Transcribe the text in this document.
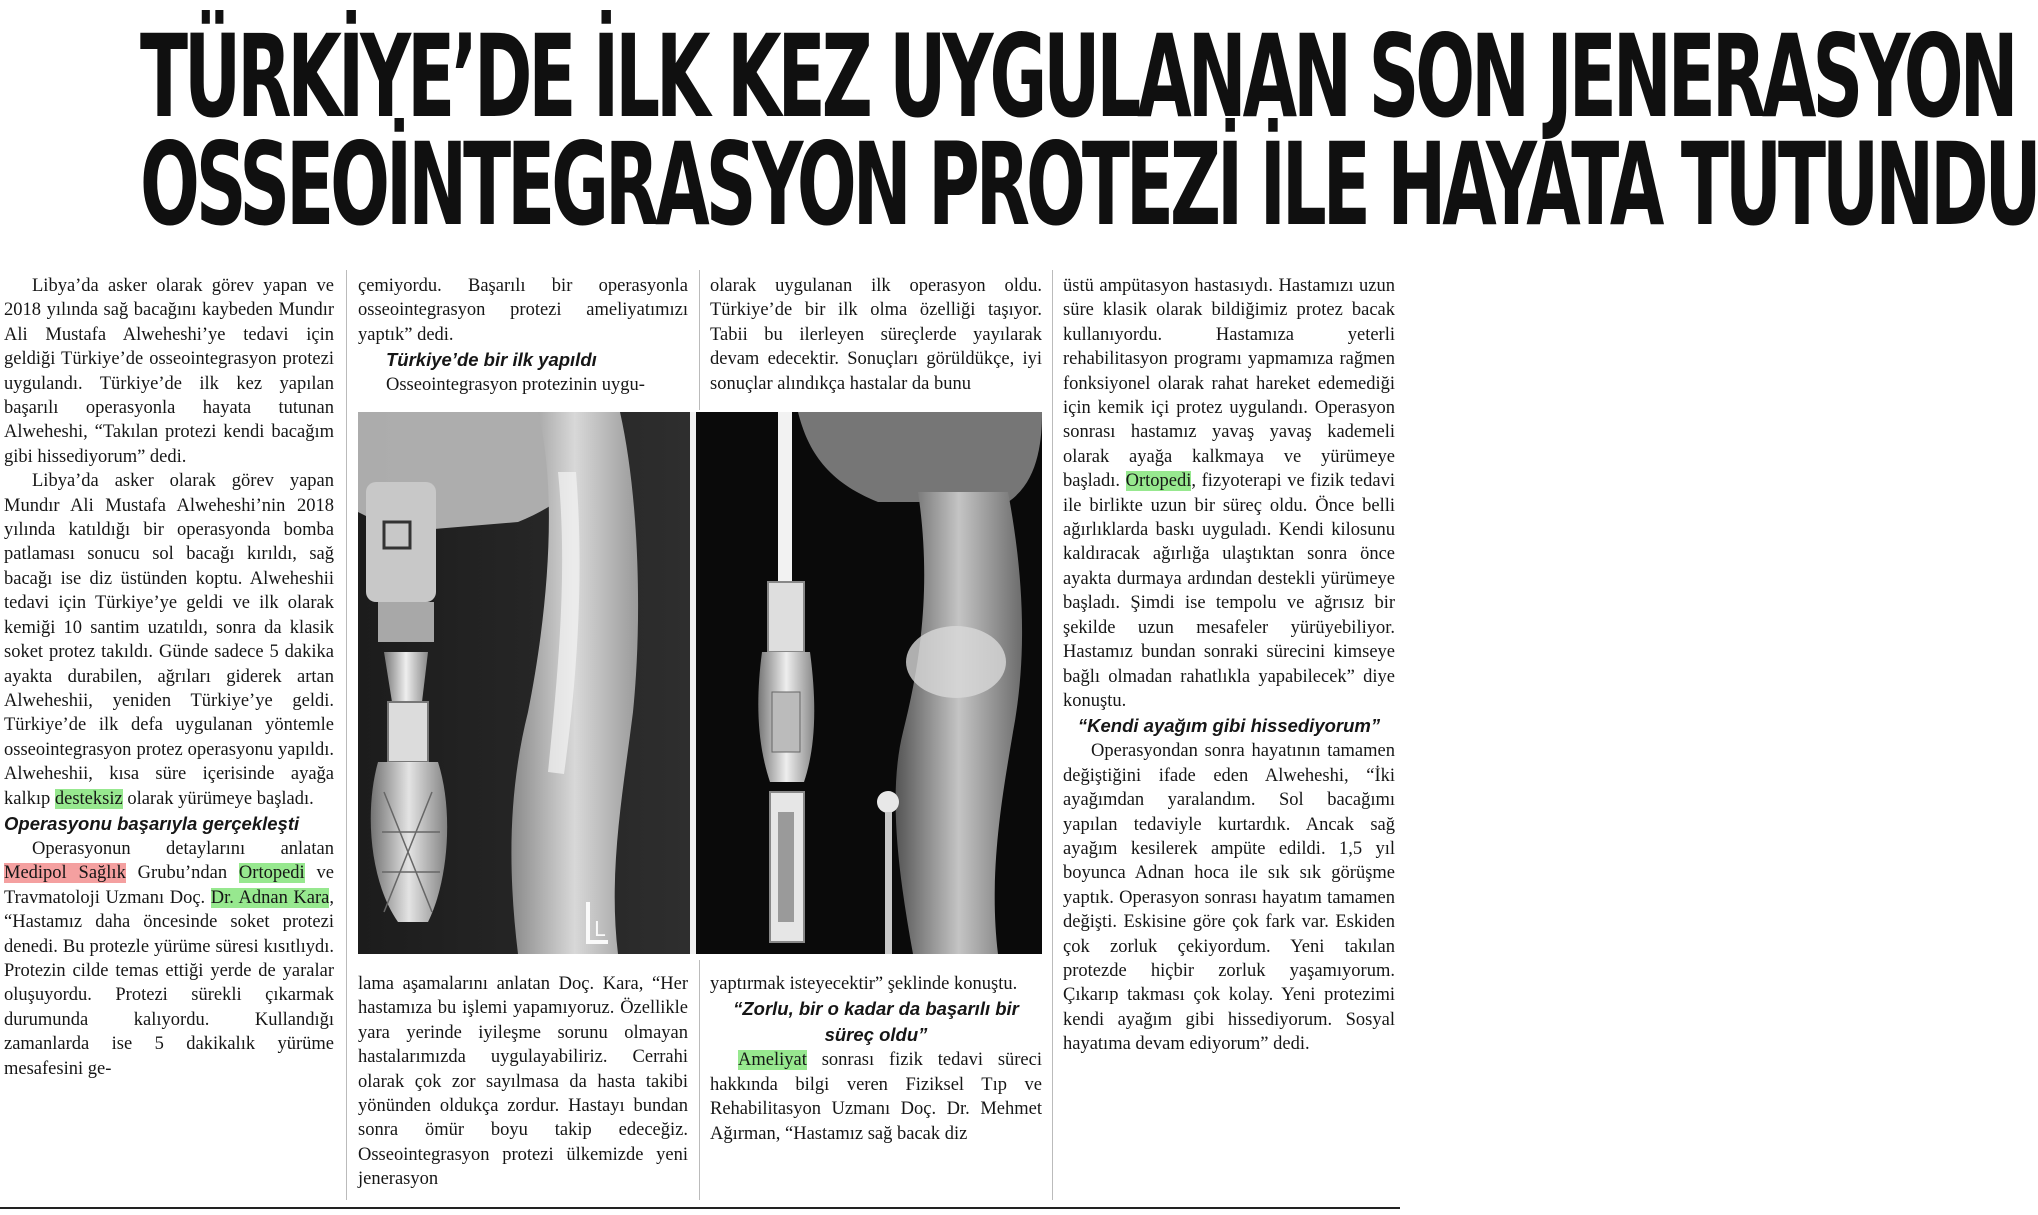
TÜRKİYE’DE İLK KEZ UYGULANAN SON JENERASYON
OSSEOİNTEGRASYON PROTEZİ İLE HAYATA TUTUNDU

Libya’da asker olarak görev yapan ve 2018 yılında sağ bacağını kaybeden Mundır Ali Mustafa Alweheshi’ye tedavi için geldiği Türkiye’de osseointegrasyon protezi uygulandı. Türkiye’de ilk kez yapılan başarılı operasyonla hayata tutunan Alweheshi, “Takılan protezi kendi bacağım gibi hissediyorum” dedi.

Libya’da asker olarak görev yapan Mundır Ali Mustafa Alweheshi’nin 2018 yılında katıldığı bir operasyonda bomba patlaması sonucu sol bacağı kırıldı, sağ bacağı ise diz üstünden koptu. Alweheshii tedavi için Türkiye’ye geldi ve ilk olarak kemiği 10 santim uzatıldı, sonra da klasik soket protez takıldı. Günde sadece 5 dakika ayakta durabilen, ağrıları giderek artan Alweheshii, yeniden Türkiye’ye geldi. Türkiye’de ilk defa uygulanan yöntemle osseointegrasyon protez operasyonu yapıldı. Alweheshii, kısa süre içerisinde ayağa kalkıp desteksiz olarak yürümeye başladı.

Operasyonu başarıyla gerçekleşti

Operasyonun detaylarını anlatan Medipol Sağlık Grubu’ndan Ortopedi ve Travmatoloji Uzmanı Doç. Dr. Adnan Kara, “Hastamız daha öncesinde soket protezi denedi. Bu protezle yürüme süresi kısıtlıydı. Protezin cilde temas ettiği yerde de yaralar oluşuyordu. Protezi sürekli çıkarmak durumunda kalıyordu. Kullandığı zamanlarda ise 5 dakikalık yürüme mesafesini ge-

çemiyordu. Başarılı bir operasyonla osseointegrasyon protezi ameliyatımızı yaptık” dedi.

Türkiye’de bir ilk yapıldı

Osseointegrasyon protezinin uygu-

L

lama aşamalarını anlatan Doç. Kara, “Her hastamıza bu işlemi yapamıyoruz. Özellikle yara yerinde iyileşme sorunu olmayan hastalarımızda uygulayabiliriz. Cerrahi olarak çok zor sayılmasa da hasta takibi yönünden oldukça zordur. Hastayı bundan sonra ömür boyu takip edeceğiz. Osseointegrasyon protezi ülkemizde yeni jenerasyon

olarak uygulanan ilk operasyon oldu. Türkiye’de bir ilk olma özelliği taşıyor. Tabii bu ilerleyen süreçlerde yayılarak devam edecektir. Sonuçları görüldükçe, iyi sonuçlar alındıkça hastalar da bunu

yaptırmak isteyecektir” şeklinde konuştu.

“Zorlu, bir o kadar da başarılı bir süreç oldu”

Ameliyat sonrası fizik tedavi süreci hakkında bilgi veren Fiziksel Tıp ve Rehabilitasyon Uzmanı Doç. Dr. Mehmet Ağırman, “Hastamız sağ bacak diz

üstü ampütasyon hastasıydı. Hastamızı uzun süre klasik olarak bildiğimiz protez bacak kullanıyordu. Hastamıza yeterli rehabilitasyon programı yapmamıza rağmen fonksiyonel olarak rahat hareket edemediği için kemik içi protez uygulandı. Operasyon sonrası hastamız yavaş yavaş kademeli olarak ayağa kalkmaya ve yürümeye başladı. Ortopedi, fizyoterapi ve fizik tedavi ile birlikte uzun bir süreç oldu. Önce belli ağırlıklarda baskı uyguladı. Kendi kilosunu kaldıracak ağırlığa ulaştıktan sonra önce ayakta durmaya ardından destekli yürümeye başladı. Şimdi ise tempolu ve ağrısız bir şekilde uzun mesafeler yürüyebiliyor. Hastamız bundan sonraki sürecini kimseye bağlı olmadan rahatlıkla yapabilecek” diye konuştu.

“Kendi ayağım gibi hissediyorum”

Operasyondan sonra hayatının tamamen değiştiğini ifade eden Alweheshi, “İki ayağımdan yaralandım. Sol bacağımı yapılan tedaviyle kurtardık. Ancak sağ ayağım kesilerek ampüte edildi. 1,5 yıl boyunca Adnan hoca ile sık sık görüşme yaptık. Operasyon sonrası hayatım tamamen değişti. Eskisine göre çok fark var. Eskiden çok zorluk çekiyordum. Yeni takılan protezde hiçbir zorluk yaşamıyorum. Çıkarıp takması çok kolay. Yeni protezimi kendi ayağım gibi hissediyorum. Sosyal hayatıma devam ediyorum” dedi.
